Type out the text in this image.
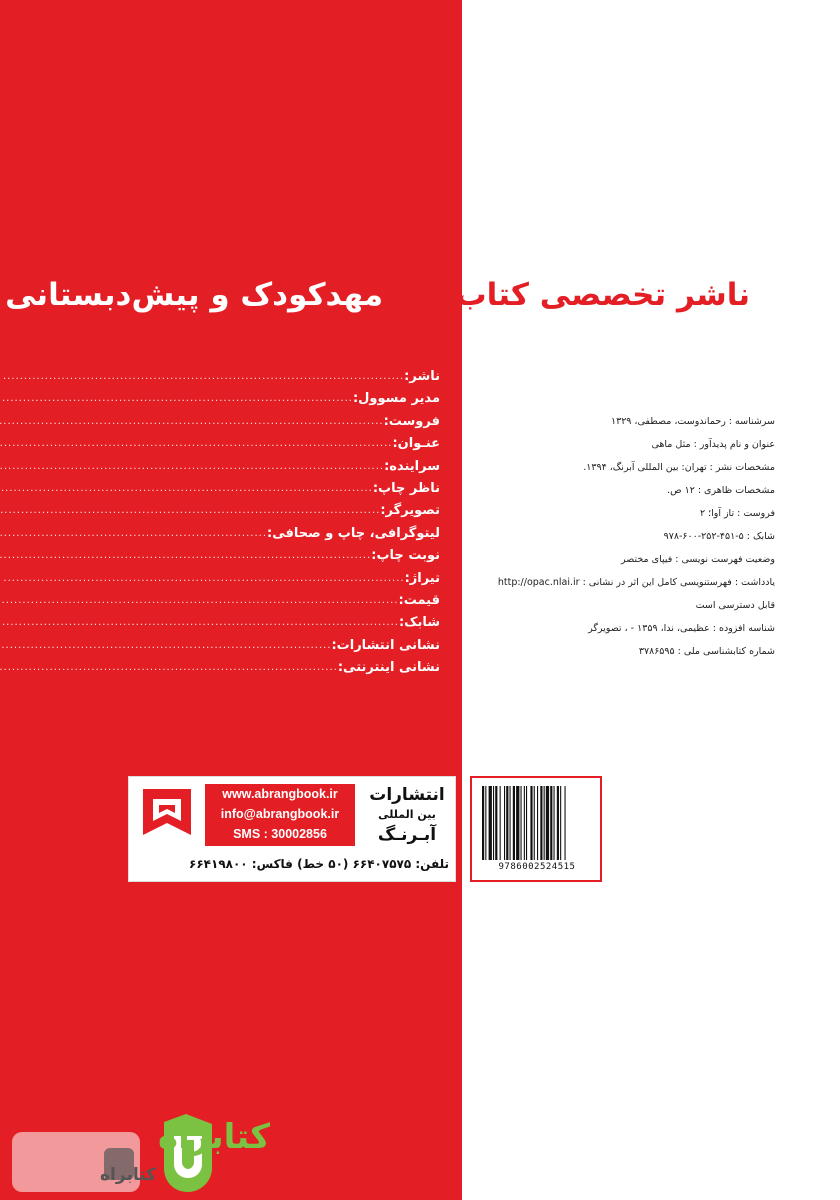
ناشر تخصصی کتاب‌های مهدکودک و پیش‌دبستانی
ناشر:
.....
مدیر مسوول:
.....
فروست:
.....
عنـوان:
.....
سراینده:
.....
ناظر چاپ:
.....
تصویرگر:
.....
لیتوگرافی، چاپ و صحافی:
.....
نوبت چاپ:
.....
تیراژ:
.....
قیمت:
.....
شابک:
.....
نشانی انتشارات:
.....
نشانی اینترنتی:
.....
سرشناسه : رحماندوست، مصطفی، ۱۳۲۹
عنوان و نام پدیدآور : مثل ماهی
مشخصات نشر : تهران: بین المللی آبرنگ، ۱۳۹۴.
مشخصات ظاهری : ۱۲ ص.
فروست : تاز آوا؛ ۲
شابک : ۵-۴۵۱-۲۵۲-۶۰۰-۹۷۸
وضعیت فهرست نویسی : فیپای مختصر
یادداشت : فهرستنویسی کامل این اثر در نشانی : http://opac.nlai.ir
قابل دسترسی است
شناسه افزوده : عظیمی، ندا، ۱۳۵۹ - ، تصویرگر
شماره کتابشناسی ملی : ۳۷۸۶۵۹۵
9786002524515
www.abrangbook.ir
info@abrangbook.ir
SMS : 30002856
انتشارات
بین المللی
آبـرنـگ
تلفن: ۶۶۴۰۷۵۷۵ (۵۰ خط) فاکس: ۶۶۴۱۹۸۰۰
کتابراه
کتابراه
